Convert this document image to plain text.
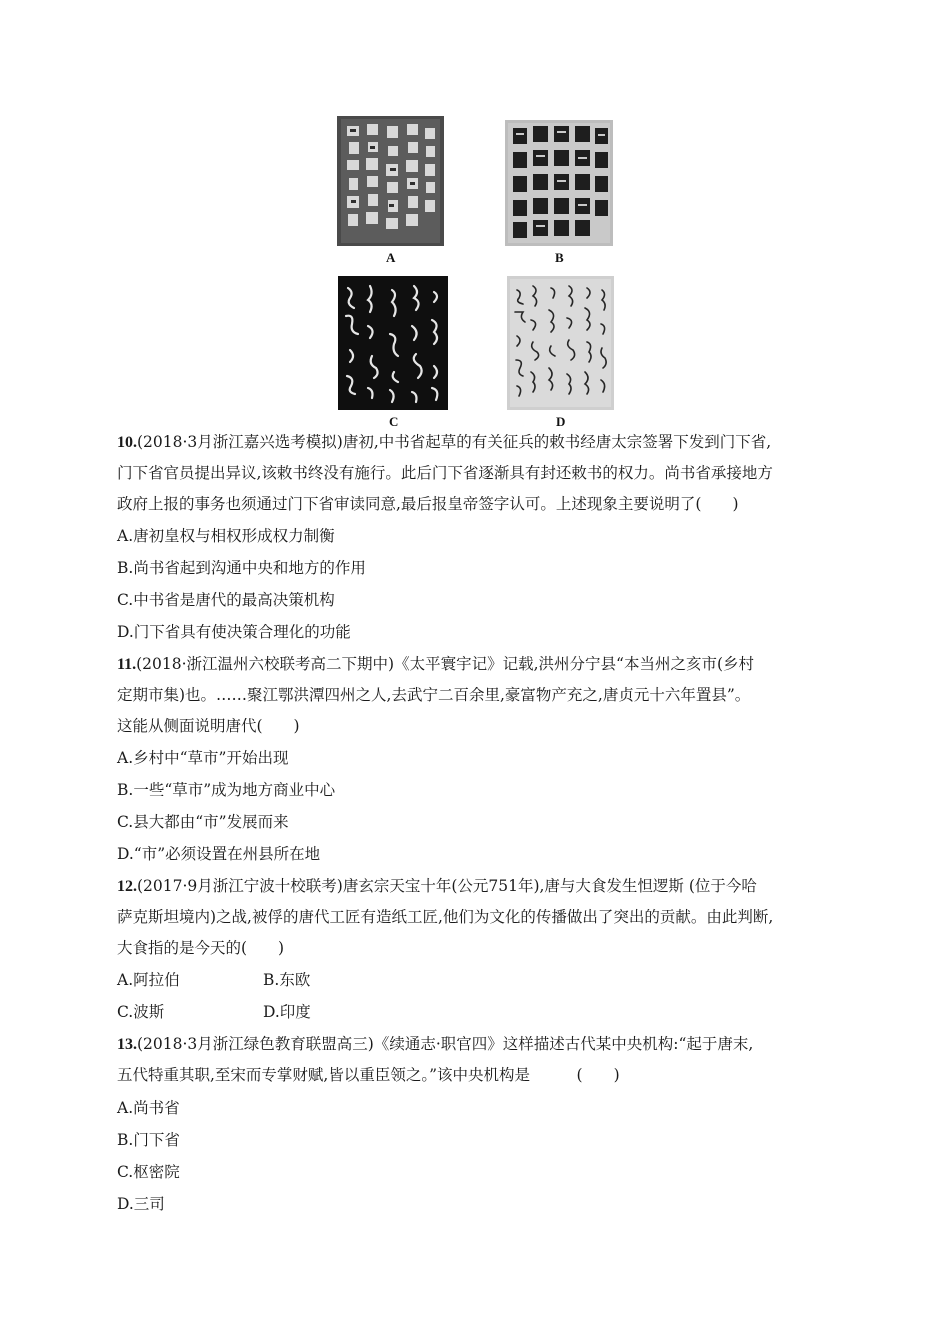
A	B
C	D
10.(2018·3月浙江嘉兴选考模拟)唐初,中书省起草的有关征兵的敕书经唐太宗签署下发到门下省,
门下省官员提出异议,该敕书终没有施行。此后门下省逐渐具有封还敕书的权力。尚书省承接地方
政府上报的事务也须通过门下省审读同意,最后报皇帝签字认可。上述现象主要说明了(　　)
A.唐初皇权与相权形成权力制衡
B.尚书省起到沟通中央和地方的作用
C.中书省是唐代的最高决策机构
D.门下省具有使决策合理化的功能
11.(2018·浙江温州六校联考高二下期中)《太平寰宇记》记载,洪州分宁县“本当州之亥市(乡村
定期市集)也。……聚江鄂洪潭四州之人,去武宁二百余里,豪富物产充之,唐贞元十六年置县”。
这能从侧面说明唐代(　　)
A.乡村中“草市”开始出现
B.一些“草市”成为地方商业中心
C.县大都由“市”发展而来
D.“市”必须设置在州县所在地
12.(2017·9月浙江宁波十校联考)唐玄宗天宝十年(公元751年),唐与大食发生怛逻斯 (位于今哈
萨克斯坦境内)之战,被俘的唐代工匠有造纸工匠,他们为文化的传播做出了突出的贡献。由此判断,
大食指的是今天的(　　)
A.阿拉伯	B.东欧
C.波斯	D.印度
13.(2018·3月浙江绿色教育联盟高三)《续通志·职官四》这样描述古代某中央机构:“起于唐末,
五代特重其职,至宋而专掌财赋,皆以重臣领之。”该中央机构是　　　(　　)
A.尚书省
B.门下省
C.枢密院
D.三司
